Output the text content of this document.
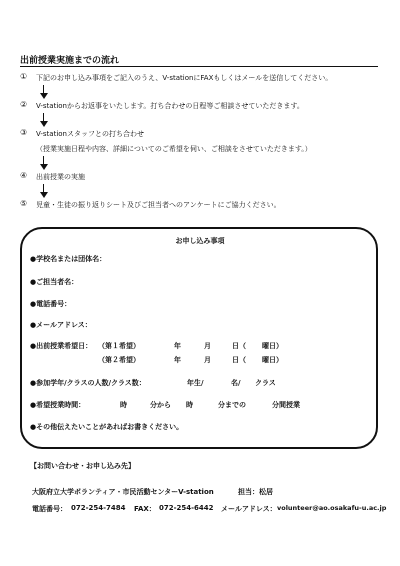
出前授業実施までの流れ
① 下記のお申し込み事項をご記入のうえ、V-stationにFAXもしくはメールを送信してください。
② V-stationからお返事をいたします。打ち合わせの日程等ご相談させていただきます。
③ V-stationスタッフとの打ち合わせ
（授業実施日程や内容、詳細についてのご希望を伺い、ご相談をさせていただきます。）
④ 出前授業の実施
⑤ 児童・生徒の振り返りシート及びご担当者へのアンケートにご協力ください。
お申し込み事項
●学校名または団体名：
●ご担当者名：
●電話番号：
●メールアドレス：
●出前授業希望日： （第１希望）	年	月	日（ 曜日）
（第２希望）	年	月	日（ 曜日）
●参加学年/クラスの人数/クラス数：	年生/	名/ クラス
●希望授業時間：	時	分から 時	分までの	分間授業
●その他伝えたいことがあればお書きください。
【お問い合わせ・お申し込み先】
大阪府立大学ボランティア・市民活動センターV-station	担当：松居
電話番号： 072-254-7484 FAX： 072-254-6442 メールアドレス： volunteer@ao.osakafu-u.ac.jp
